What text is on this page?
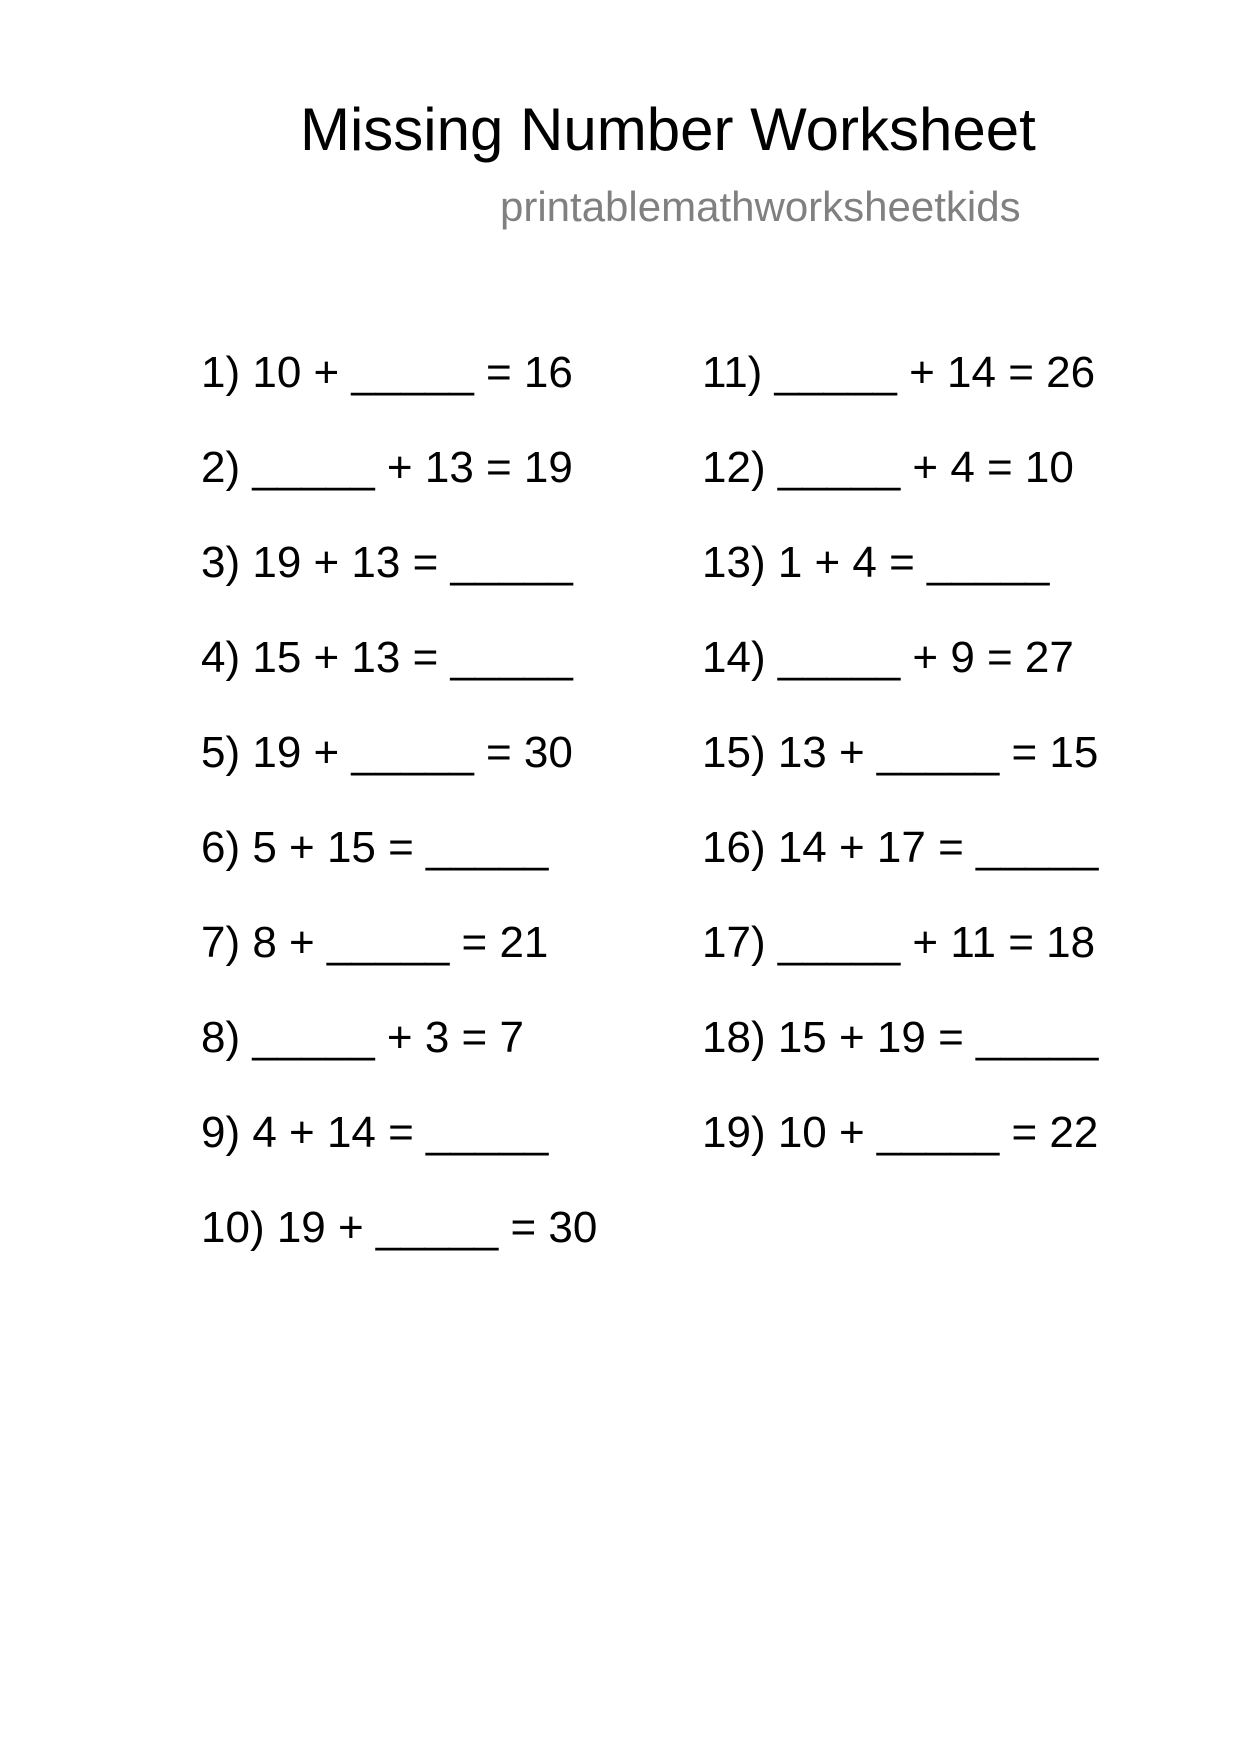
Missing Number Worksheet
printablemathworksheetkids
1) 10 + _____ = 16
2) _____ + 13 = 19
3) 19 + 13 = _____
4) 15 + 13 = _____
5) 19 + _____ = 30
6) 5 + 15 = _____
7) 8 + _____ = 21
8) _____ + 3 = 7
9) 4 + 14 = _____
10) 19 + _____ = 30
11) _____ + 14 = 26
12) _____ + 4 = 10
13) 1 + 4 = _____
14) _____ + 9 = 27
15) 13 + _____ = 15
16) 14 + 17 = _____
17) _____ + 11 = 18
18) 15 + 19 = _____
19) 10 + _____ = 22
